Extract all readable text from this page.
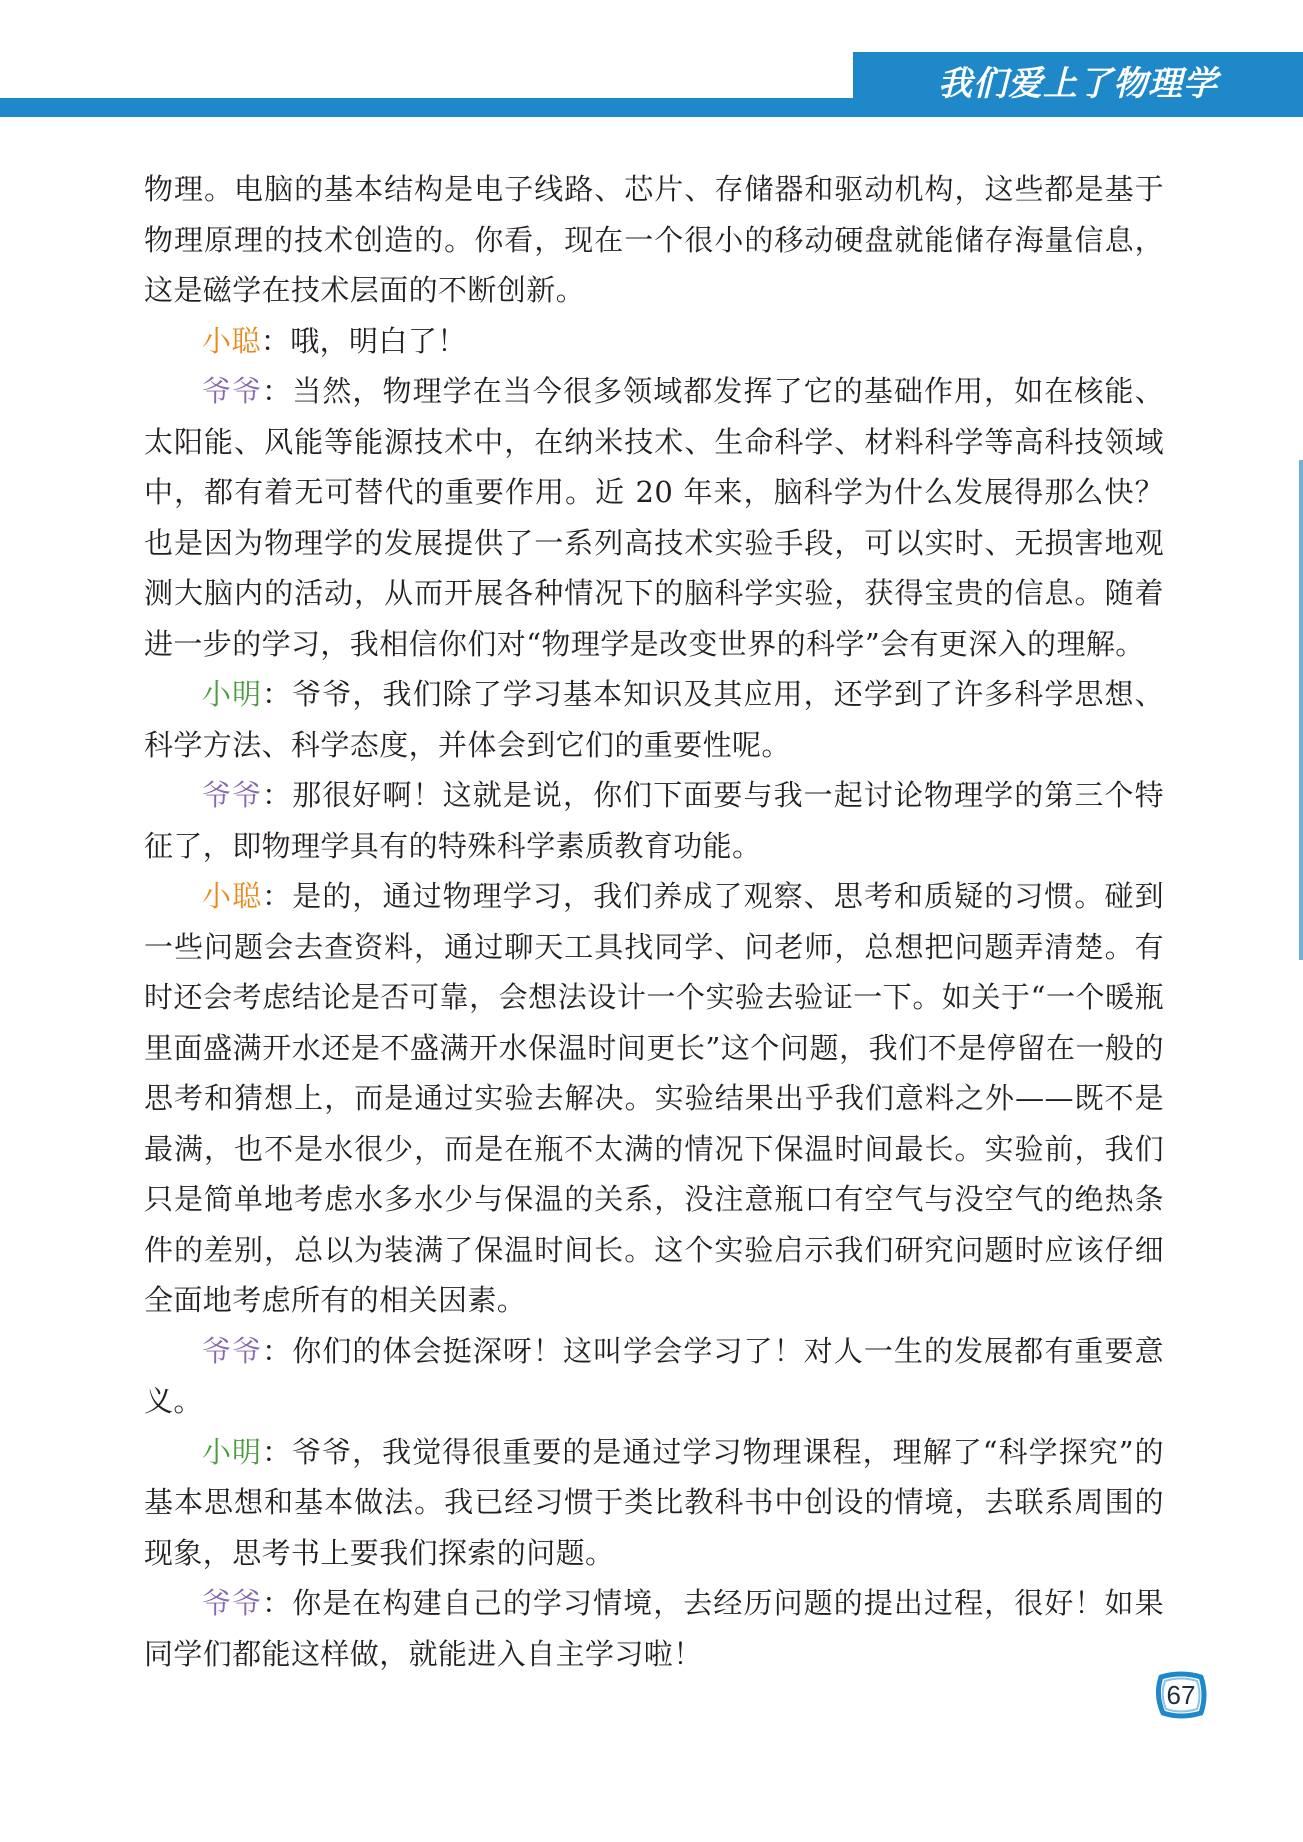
我们爱上了物理学

物理。电脑的基本结构是电子线路、芯片、存储器和驱动机构，这些都是基于物理原理的技术创造的。你看，现在一个很小的移动硬盘就能储存海量信息，这是磁学在技术层面的不断创新。

小聪：哦，明白了！

爷爷：当然，物理学在当今很多领域都发挥了它的基础作用，如在核能、太阳能、风能等能源技术中，在纳米技术、生命科学、材料科学等高科技领域中，都有着无可替代的重要作用。近 20 年来，脑科学为什么发展得那么快？也是因为物理学的发展提供了一系列高技术实验手段，可以实时、无损害地观测大脑内的活动，从而开展各种情况下的脑科学实验，获得宝贵的信息。随着进一步的学习，我相信你们对“物理学是改变世界的科学”会有更深入的理解。

小明：爷爷，我们除了学习基本知识及其应用，还学到了许多科学思想、科学方法、科学态度，并体会到它们的重要性呢。

爷爷：那很好啊！这就是说，你们下面要与我一起讨论物理学的第三个特征了，即物理学具有的特殊科学素质教育功能。

小聪：是的，通过物理学习，我们养成了观察、思考和质疑的习惯。碰到一些问题会去查资料，通过聊天工具找同学、问老师，总想把问题弄清楚。有时还会考虑结论是否可靠，会想法设计一个实验去验证一下。如关于“一个暖瓶里面盛满开水还是不盛满开水保温时间更长”这个问题，我们不是停留在一般的思考和猜想上，而是通过实验去解决。实验结果出乎我们意料之外——既不是最满，也不是水很少，而是在瓶不太满的情况下保温时间最长。实验前，我们只是简单地考虑水多水少与保温的关系，没注意瓶口有空气与没空气的绝热条件的差别，总以为装满了保温时间长。这个实验启示我们研究问题时应该仔细全面地考虑所有的相关因素。

爷爷：你们的体会挺深呀！这叫学会学习了！对人一生的发展都有重要意义。

小明：爷爷，我觉得很重要的是通过学习物理课程，理解了“科学探究”的基本思想和基本做法。我已经习惯于类比教科书中创设的情境，去联系周围的现象，思考书上要我们探索的问题。

爷爷：你是在构建自己的学习情境，去经历问题的提出过程，很好！如果同学们都能这样做，就能进入自主学习啦！

67
